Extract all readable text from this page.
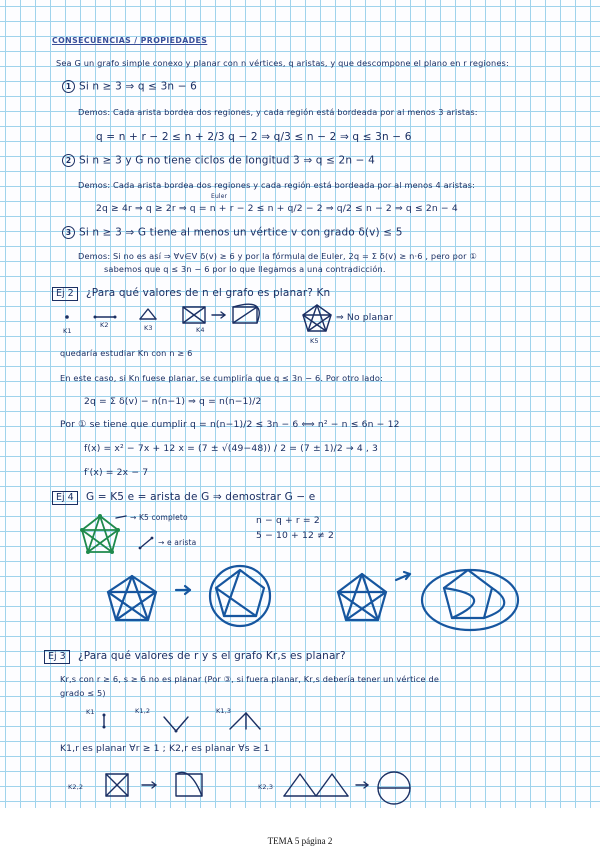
CONSECUENCIAS / PROPIEDADES
Sea G un grafo simple conexo y planar con n vértices, q aristas, y que descompone el plano en r regiones:
1 Si n ≥ 3 ⇒ q ≤ 3n − 6
Demos: Cada arista bordea dos regiones, y cada región está bordeada por al menos 3 aristas:
q = n + r − 2 ≤ n + 2/3 q − 2 ⇒ q/3 ≤ n − 2 ⇒ q ≤ 3n − 6
2 Si n ≥ 3 y G no tiene ciclos de longitud 3 ⇒ q ≤ 2n − 4
Demos: Cada arista bordea dos regiones y cada región está bordeada por al menos 4 aristas:
Euler
2q ≥ 4r ⇒ q ≥ 2r ⇒ q = n + r − 2 ≤ n + q/2 − 2 ⇒ q/2 ≤ n − 2 ⇒ q ≤ 2n − 4
3 Si n ≥ 3 ⇒ G tiene al menos un vértice v con grado δ(v) ≤ 5
Demos: Si no es así ⇒ ∀v∈V δ(v) ≥ 6 y por la fórmula de Euler, 2q = Σ δ(v) ≥ n·6 , pero por ①
sabemos que q ≤ 3n − 6 por lo que llegamos a una contradicción.
Ej 2	¿Para qué valores de n el grafo es planar? Kn
K1
K2	K3	K4
K5
⇒ No planar
quedaría estudiar Kn con n ≥ 6
En este caso, si Kn fuese planar, se cumpliría que q ≤ 3n − 6. Por otro lado:
2q = Σ δ(v) − n(n−1) ⇒ q = n(n−1)/2
Por ① se tiene que cumplir q = n(n−1)/2 ≤ 3n − 6 ⟺ n² − n ≤ 6n − 12
f(x) = x² − 7x + 12 x = (7 ± √(49−48)) / 2 = (7 ± 1)/2 → 4 , 3
f′(x) = 2x − 7
Ej 4	G = K5 e = arista de G ⇒ demostrar G − e
→ K5 completo
→ e arista
n − q + r = 2
5 − 10 + 12 ≠ 2
Ej 3	¿Para qué valores de r y s el grafo Kr,s es planar?
Kr,s con r ≥ 6, s ≥ 6 no es planar (Por ③, si fuera planar, Kr,s debería tener un vértice de
grado ≤ 5)
K1	K1,2	K1,3
K1,r es planar ∀r ≥ 1 ; K2,r es planar ∀s ≥ 1
K2,2	K2,3
TEMA 5 página 2
